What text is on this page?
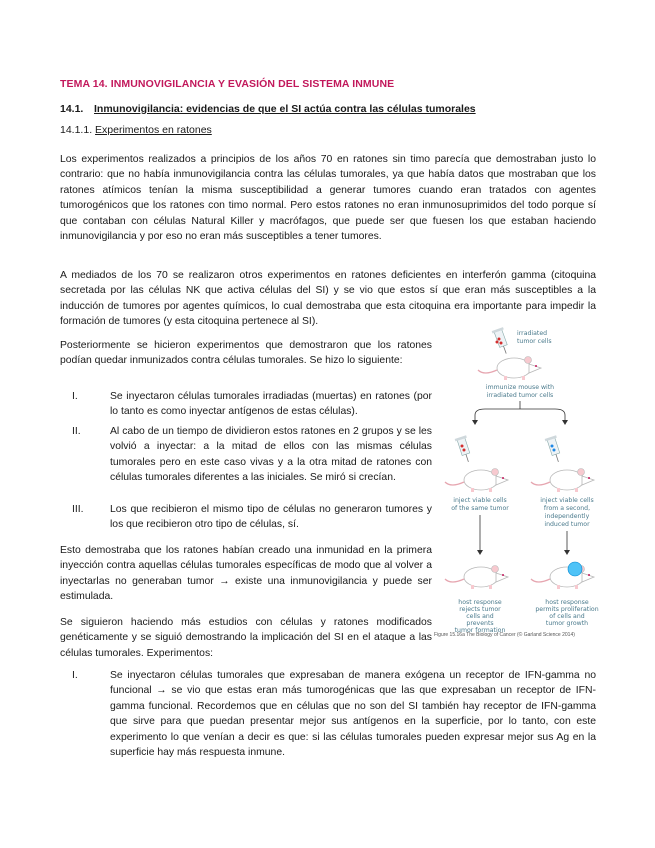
TEMA 14. INMUNOVIGILANCIA Y EVASIÓN DEL SISTEMA INMUNE
14.1. Inmunovigilancia: evidencias de que el SI actúa contra las células tumorales
14.1.1. Experimentos en ratones

Los experimentos realizados a principios de los años 70 en ratones sin timo parecía que demostraban justo lo contrario: que no había inmunovigilancia contra las células tumorales, ya que había datos que mostraban que los ratones atímicos tenían la misma susceptibilidad a generar tumores cuando eran tratados con agentes tumorogénicos que los ratones con timo normal. Pero estos ratones no eran inmunosuprimidos del todo porque sí que contaban con células Natural Killer y macrófagos, que puede ser que fuesen los que estaban haciendo inmunovigilancia y por eso no eran más susceptibles a tener tumores.

A mediados de los 70 se realizaron otros experimentos en ratones deficientes en interferón gamma (citoquina secretada por las células NK que activa células del SI) y se vio que estos sí que eran más susceptibles a la inducción de tumores por agentes químicos, lo cual demostraba que esta citoquina era importante para impedir la formación de tumores (y esta citoquina pertenece al SI).

Posteriormente se hicieron experimentos que demostraron que los ratones podían quedar inmunizados contra células tumorales. Se hizo lo siguiente:

I.	Se inyectaron células tumorales irradiadas (muertas) en ratones (por lo tanto es como inyectar antígenos de estas células).
II.	Al cabo de un tiempo de dividieron estos ratones en 2 grupos y se les volvió a inyectar: a la mitad de ellos con las mismas células tumorales pero en este caso vivas y a la otra mitad de ratones con células tumorales diferentes a las iniciales. Se miró si crecían.
III.	Los que recibieron el mismo tipo de células no generaron tumores y los que recibieron otro tipo de células, sí.

Esto demostraba que los ratones habían creado una inmunidad en la primera inyección contra aquellas células tumorales específicas de modo que al volver a inyectarlas no generaban tumor → existe una inmunovigilancia y puede ser estimulada.

Se siguieron haciendo más estudios con células y ratones modificados genéticamente y se siguió demostrando la implicación del SI en el ataque a las células tumorales. Experimentos:

I.	Se inyectaron células tumorales que expresaban de manera exógena un receptor de IFN-gamma no funcional → se vio que estas eran más tumorogénicas que las que expresaban un receptor de IFN-gamma funcional. Recordemos que en células que no son del SI también hay receptor de IFN-gamma que sirve para que puedan presentar mejor sus antígenos en la superficie, por lo tanto, con este experimento lo que venían a decir es que: si las células tumorales pueden expresar mejor sus Ag en la superficie hay más respuesta inmune.
irradiated
tumor cells
immunize mouse with
irradiated tumor cells
inject viable cells
of the same tumor
inject viable cells
from a second,
independently
induced tumor
host response
rejects tumor
cells and
prevents
tumor formation
host response
permits proliferation
of cells and
tumor growth
Figure 15.16a The Biology of Cancer (© Garland Science 2014)
